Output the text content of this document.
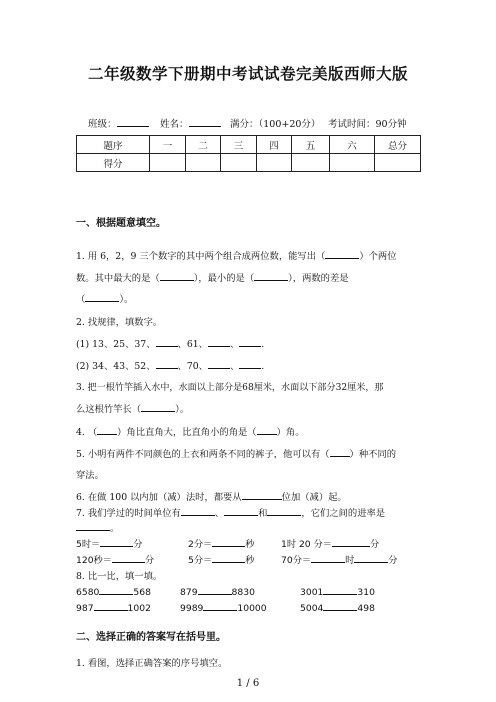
二年级数学下册期中考试试卷完美版西师大版
班级：	姓名：	满分：（100+20分） 考试时间：90分钟
题序	一	二	三	四	五	六	总分
得分							
一、根据题意填空。
1. 用 6，2，9 三个数字的其中两个组合成两位数，能写出（	）个两位
数。其中最大的是（	），最小的是（	），两数的差是
（	）。
2. 找规律，填数字。
(1) 13、25、37、 、61、 、 .
(2) 34、43、52、 、70、 、 .
3. 把一根竹竿插入水中，水面以上部分是68厘米，水面以下部分32厘米，那
么这根竹竿长（	）。
4. （ ）角比直角大，比直角小的角是（ ）角。
5. 小明有两件不同颜色的上衣和两条不同的裤子，他可以有（ ）种不同的
穿法。
6. 在做 100 以内加（减）法时，都要从	位加（减）起。
7. 我们学过的时间单位有	、	和	，它们之间的进率是
。
5时＝	分	2分＝	秒	1时 20 分＝	分
120秒＝	分	5分＝	秒	70分＝	时	分
8. 比一比，填一填。
6580	568	879	8830	3001	310
987	1002	9989	10000	5004	498
二、选择正确的答案写在括号里。
1. 看图，选择正确答案的序号填空。
1 / 6
